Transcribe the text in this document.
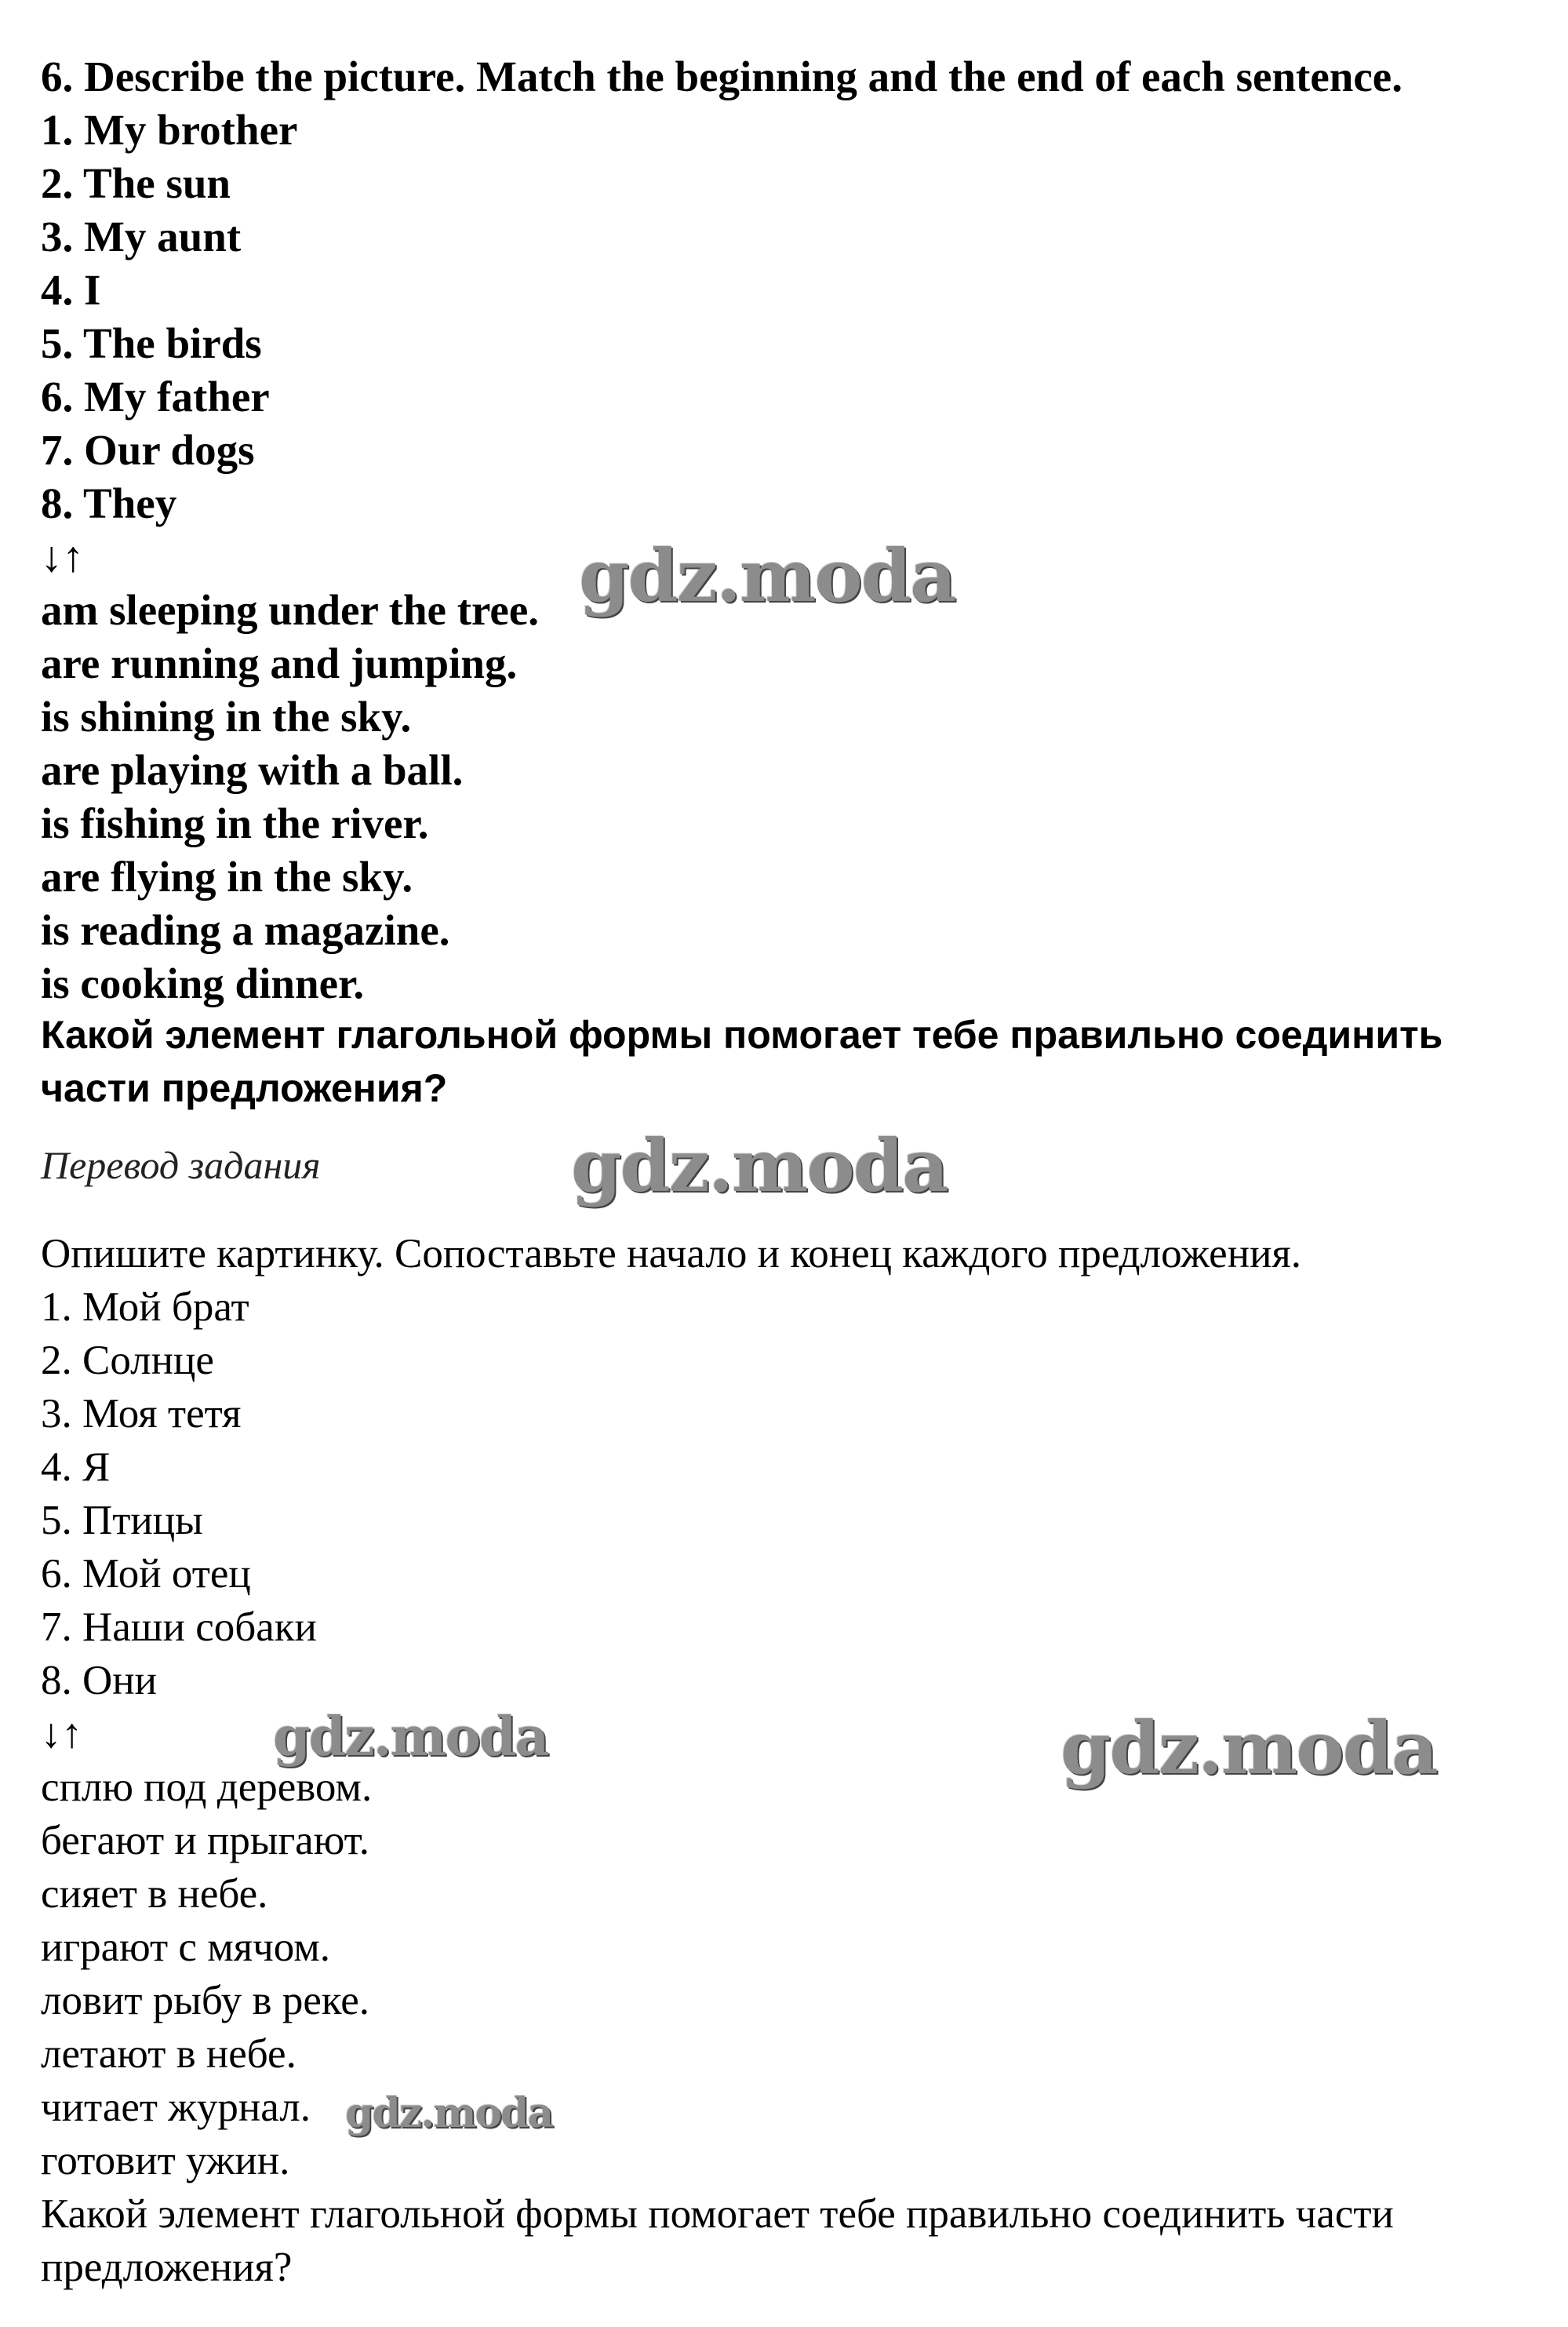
6. Describe the picture. Match the beginning and the end of each sentence.

1. My brother

2. The sun

3. My aunt

4. I

5. The birds

6. My father

7. Our dogs

8. They

↓↑

am sleeping under the tree.

are running and jumping.

is shining in the sky.

are playing with a ball.

is fishing in the river.

are flying in the sky.

is reading a magazine.

is cooking dinner.

Какой элемент глагольной формы помогает тебе правильно соединить

части предложения?

Перевод задания

Опишите картинку. Сопоставьте начало и конец каждого предложения.

1. Мой брат

2. Солнце

3. Моя тетя

4. Я

5. Птицы

6. Мой отец

7. Наши собаки

8. Они

↓↑

сплю под деревом.

бегают и прыгают.

сияет в небе.

играют с мячом.

ловит рыбу в реке.

летают в небе.

читает журнал.

готовит ужин.

Какой элемент глагольной формы помогает тебе правильно соединить части

предложения?

gdz.moda
gdz.moda
gdz.moda	gdz.moda
gdz.moda
